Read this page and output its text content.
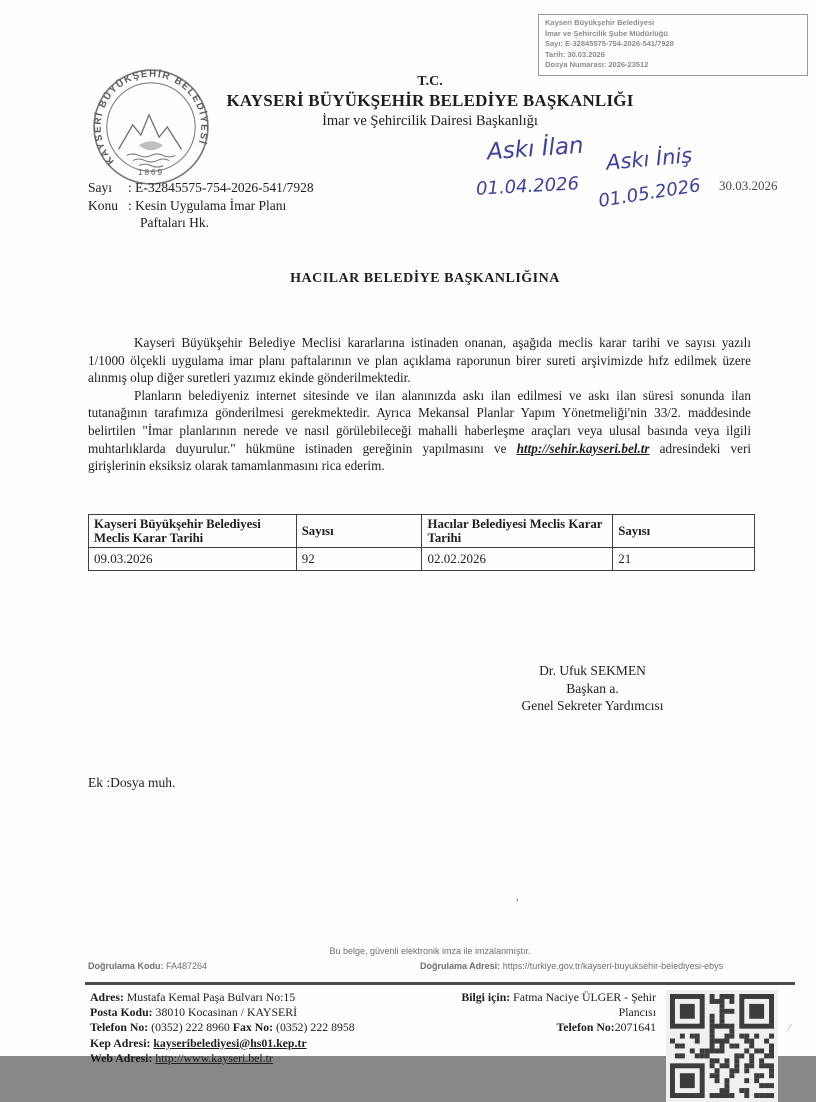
Kayseri Büyükşehir Belediyesi
İmar ve Şehircilik Şube Müdürlüğü
Sayı: E-32845575-754-2026-541/7928
Tarih: 30.03.2026
Dosya Numarası: 2026-23512
T.C.
KAYSERİ BÜYÜKŞEHİR BELEDİYE BAŞKANLIĞI
İmar ve Şehircilik Dairesi Başkanlığı
KAYSERİ BÜYÜKŞEHİR BELEDİYESİ
1869
Sayı : E-32845575-754-2026-541/7928
Konu : Kesin Uygulama İmar Planı
Paftaları Hk.
30.03.2026
Askı İlan
01.04.2026
Askı İniş
01.05.2026
HACILAR BELEDİYE BAŞKANLIĞINA

Kayseri Büyükşehir Belediye Meclisi kararlarına istinaden onanan, aşağıda meclis karar tarihi ve sayısı yazılı 1/1000 ölçekli uygulama imar planı paftalarının ve plan açıklama raporunun birer sureti arşivimizde hıfz edilmek üzere alınmış olup diğer suretleri yazımız ekinde gönderilmektedir.

Planların belediyeniz internet sitesinde ve ilan alanınızda askı ilan edilmesi ve askı ilan süresi sonunda ilan tutanağının tarafımıza gönderilmesi gerekmektedir. Ayrıca Mekansal Planlar Yapım Yönetmeliği'nin 33/2. maddesinde belirtilen "İmar planlarının nerede ve nasıl görülebileceği mahalli haberleşme araçları veya ulusal basında veya ilgili muhtarlıklarda duyurulur." hükmüne istinaden gereğinin yapılmasını ve http://sehir.kayseri.bel.tr adresindeki veri girişlerinin eksiksiz olarak tamamlanmasını rica ederim.

Kayseri Büyükşehir Belediyesi Meclis Karar Tarihi	Sayısı	Hacılar Belediyesi Meclis Karar Tarihi	Sayısı
09.03.2026	92	02.02.2026	21
Dr. Ufuk SEKMEN
Başkan a.
Genel Sekreter Yardımcısı
Ek :Dosya muh.
’
/
Bu belge, güvenli elektronik imza ile imzalanmıştır.
Doğrulama Kodu: FA487264	Doğrulama Adresi: https://turkiye.gov.tr/kayseri-buyuksehir-belediyesi-ebys
Adres: Mustafa Kemal Paşa Bulvarı No:15
Posta Kodu: 38010 Kocasinan / KAYSERİ
Telefon No: (0352) 222 8960 Fax No: (0352) 222 8958
Kep Adresi: kayseribelediyesi@hs01.kep.tr
Web Adresi: http://www.kayseri.bel.tr
Bilgi için: Fatma Naciye ÜLGER - Şehir
Plancısı
Telefon No:2071641
